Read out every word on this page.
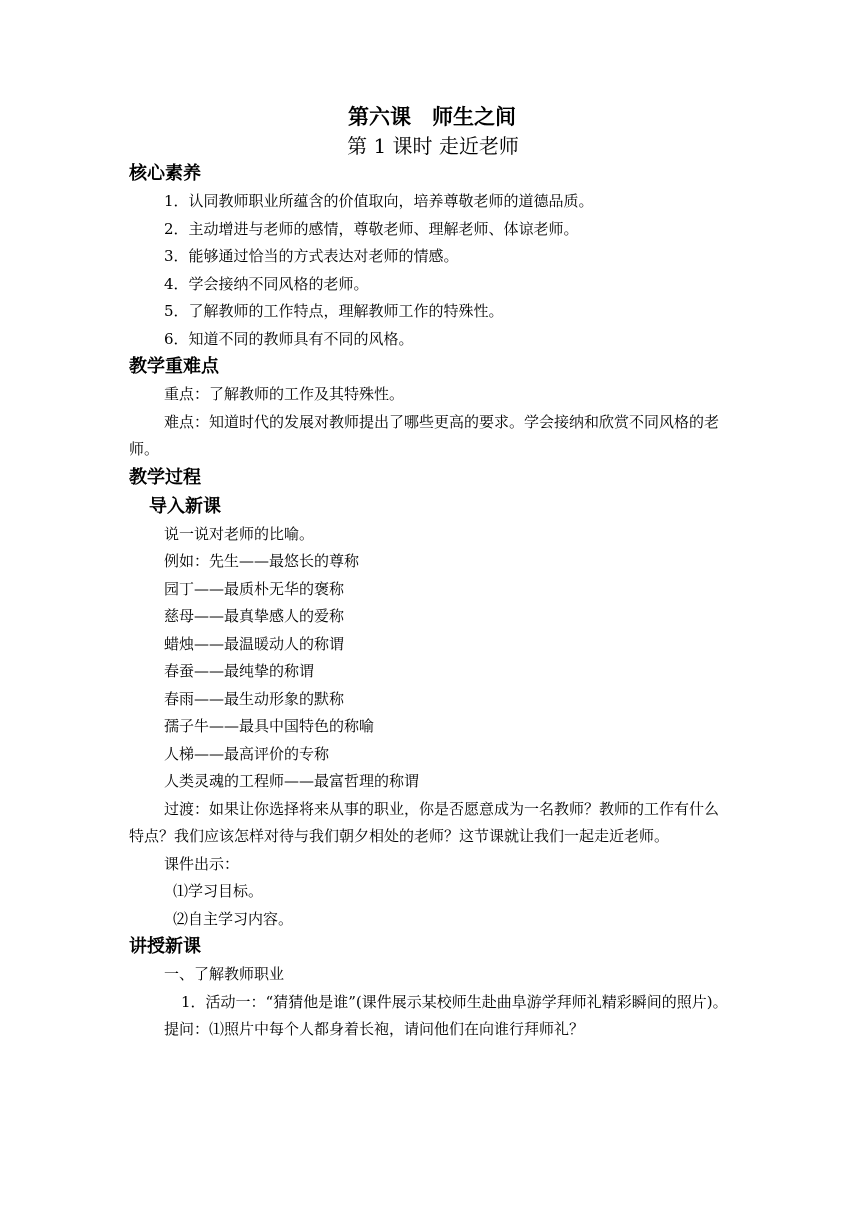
第六课　师生之间
第 1 课时 走近老师
核心素养

1．认同教师职业所蕴含的价值取向，培养尊敬老师的道德品质。

2．主动增进与老师的感情，尊敬老师、理解老师、体谅老师。

3．能够通过恰当的方式表达对老师的情感。

4．学会接纳不同风格的老师。

5．了解教师的工作特点，理解教师工作的特殊性。

6．知道不同的教师具有不同的风格。

教学重难点

重点：了解教师的工作及其特殊性。

难点：知道时代的发展对教师提出了哪些更高的要求。学会接纳和欣赏不同风格的老师。

教学过程
导入新课

说一说对老师的比喻。

例如：先生——最悠长的尊称

园丁——最质朴无华的褒称

慈母——最真挚感人的爱称

蜡烛——最温暖动人的称谓

春蚕——最纯挚的称谓

春雨——最生动形象的默称

孺子牛——最具中国特色的称喻

人梯——最高评价的专称

人类灵魂的工程师——最富哲理的称谓

过渡：如果让你选择将来从事的职业，你是否愿意成为一名教师？教师的工作有什么特点？我们应该怎样对待与我们朝夕相处的老师？这节课就让我们一起走近老师。

课件出示：

⑴学习目标。

⑵自主学习内容。

讲授新课

一、了解教师职业

1．活动一：“猜猜他是谁”(课件展示某校师生赴曲阜游学拜师礼精彩瞬间的照片)。

提问：⑴照片中每个人都身着长袍，请问他们在向谁行拜师礼？
